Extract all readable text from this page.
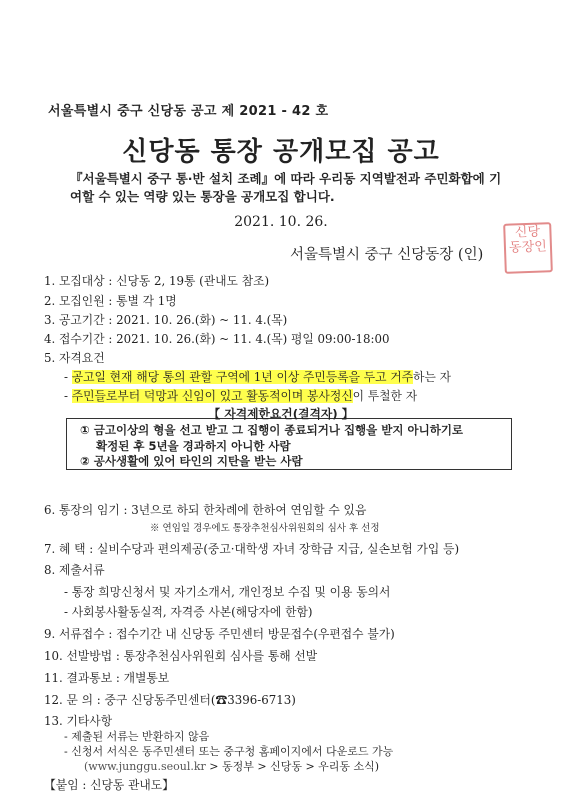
서울특별시 중구 신당동 공고 제 2021 - 42 호
신당동 통장 공개모집 공고
『서울특별시 중구 통·반 설치 조례』에 따라 우리동 지역발전과 주민화합에 기여할 수 있는 역량 있는 통장을 공개모집 합니다.
2021. 10. 26.
서울특별시 중구 신당동장 (인)
신당
동장인
1. 모집대상 : 신당동 2, 19통 (관내도 참조)
2. 모집인원 : 통별 각 1명
3. 공고기간 : 2021. 10. 26.(화) ~ 11. 4.(목)
4. 접수기간 : 2021. 10. 26.(화) ~ 11. 4.(목) 평일 09:00-18:00
5. 자격요건
- 공고일 현재 해당 통의 관할 구역에 1년 이상 주민등록을 두고 거주하는 자
- 주민들로부터 덕망과 신임이 있고 활동적이며 봉사정신이 투철한 자
【 자격제한요건(결격자) 】
① 금고이상의 형을 선고 받고 그 집행이 종료되거나 집행을 받지 아니하기로
확정된 후 5년을 경과하지 아니한 사람
② 공사생활에 있어 타인의 지탄을 받는 사람
6. 통장의 임기 : 3년으로 하되 한차례에 한하여 연임할 수 있음
※ 연임일 경우에도 통장추천심사위원회의 심사 후 선정
7. 혜 택 : 실비수당과 편의제공(중고·대학생 자녀 장학금 지급, 실손보험 가입 등)
8. 제출서류
- 통장 희망신청서 및 자기소개서, 개인정보 수집 및 이용 동의서
- 사회봉사활동실적, 자격증 사본(해당자에 한함)
9. 서류접수 : 접수기간 내 신당동 주민센터 방문접수(우편접수 불가)
10. 선발방법 : 통장추천심사위원회 심사를 통해 선발
11. 결과통보 : 개별통보
12. 문 의 : 중구 신당동주민센터(☎3396-6713)
13. 기타사항
- 제출된 서류는 반환하지 않음
- 신청서 서식은 동주민센터 또는 중구청 홈페이지에서 다운로드 가능
(www.junggu.seoul.kr > 동정부 > 신당동 > 우리동 소식)
【붙임 : 신당동 관내도】
